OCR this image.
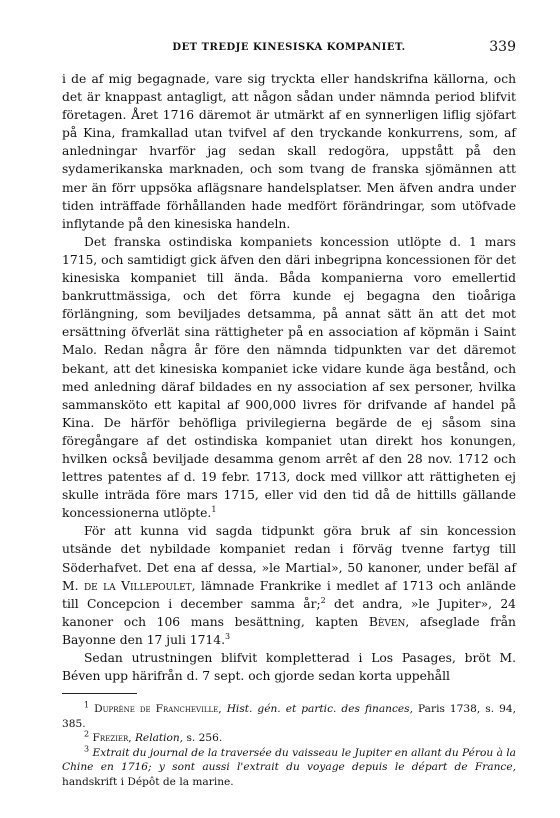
DET TREDJE KINESISKA KOMPANIET.	339

i de af mig begagnade, vare sig tryckta eller handskrifna källorna, och det är knappast antagligt, att någon sådan under nämnda period blifvit företagen. Året 1716 däremot är utmärkt af en synnerligen liflig sjöfart på Kina, framkallad utan tvifvel af den tryckande konkurrens, som, af anledningar hvarför jag sedan skall redogöra, uppstått på den sydamerikanska marknaden, och som tvang de franska sjömännen att mer än förr uppsöka aflägsnare handelsplatser. Men äfven andra under tiden inträffade förhållanden hade medfört förändringar, som utöfvade inflytande på den kinesiska handeln.

Det franska ostindiska kompaniets koncession utlöpte d. 1 mars 1715, och samtidigt gick äfven den däri inbegripna koncessionen för det kinesiska kompaniet till ända. Båda kompanierna voro emellertid bankruttmässiga, och det förra kunde ej begagna den tioåriga förlängning, som beviljades detsamma, på annat sätt än att det mot ersättning öfverlät sina rättigheter på en association af köpmän i Saint Malo. Redan några år före den nämnda tidpunkten var det däremot bekant, att det kinesiska kompaniet icke vidare kunde äga bestånd, och med anledning däraf bildades en ny association af sex personer, hvilka sammansköto ett kapital af 900,000 livres för drifvande af handel på Kina. De härför behöfliga privilegierna begärde de ej såsom sina föregångare af det ostindiska kompaniet utan direkt hos konungen, hvilken också beviljade desamma genom arrêt af den 28 nov. 1712 och lettres patentes af d. 19 febr. 1713, dock med villkor att rättigheten ej skulle inträda före mars 1715, eller vid den tid då de hittills gällande koncessionerna utlöpte.$^1$

För att kunna vid sagda tidpunkt göra bruk af sin koncession utsände det nybildade kompaniet redan i förväg tvenne fartyg till Söderhafvet. Det ena af dessa, »le Martial», 50 kanoner, under befäl af M. de la Villepoulet, lämnade Frankrike i medlet af 1713 och anlände till Concepcion i december samma år;$^2$ det andra, »le Jupiter», 24 kanoner och 106 mans besättning, kapten Bèven, afseglade från Bayonne den 17 juli 1714.$^3$

Sedan utrustningen blifvit kompletterad i Los Pasages, bröt M. Béven upp härifrån d. 7 sept. och gjorde sedan korta uppehåll

$^1$ Duprène de Francheville, Hist. gén. et partic. des finances, Paris 1738, s. 94, 385.

$^2$ Frezier, Relation, s. 256.

$^3$ Extrait du journal de la traversée du vaisseau le Jupiter en allant du Pérou à la Chine en 1716; y sont aussi l'extrait du voyage depuis le départ de France, handskrift i Dépôt de la marine.
